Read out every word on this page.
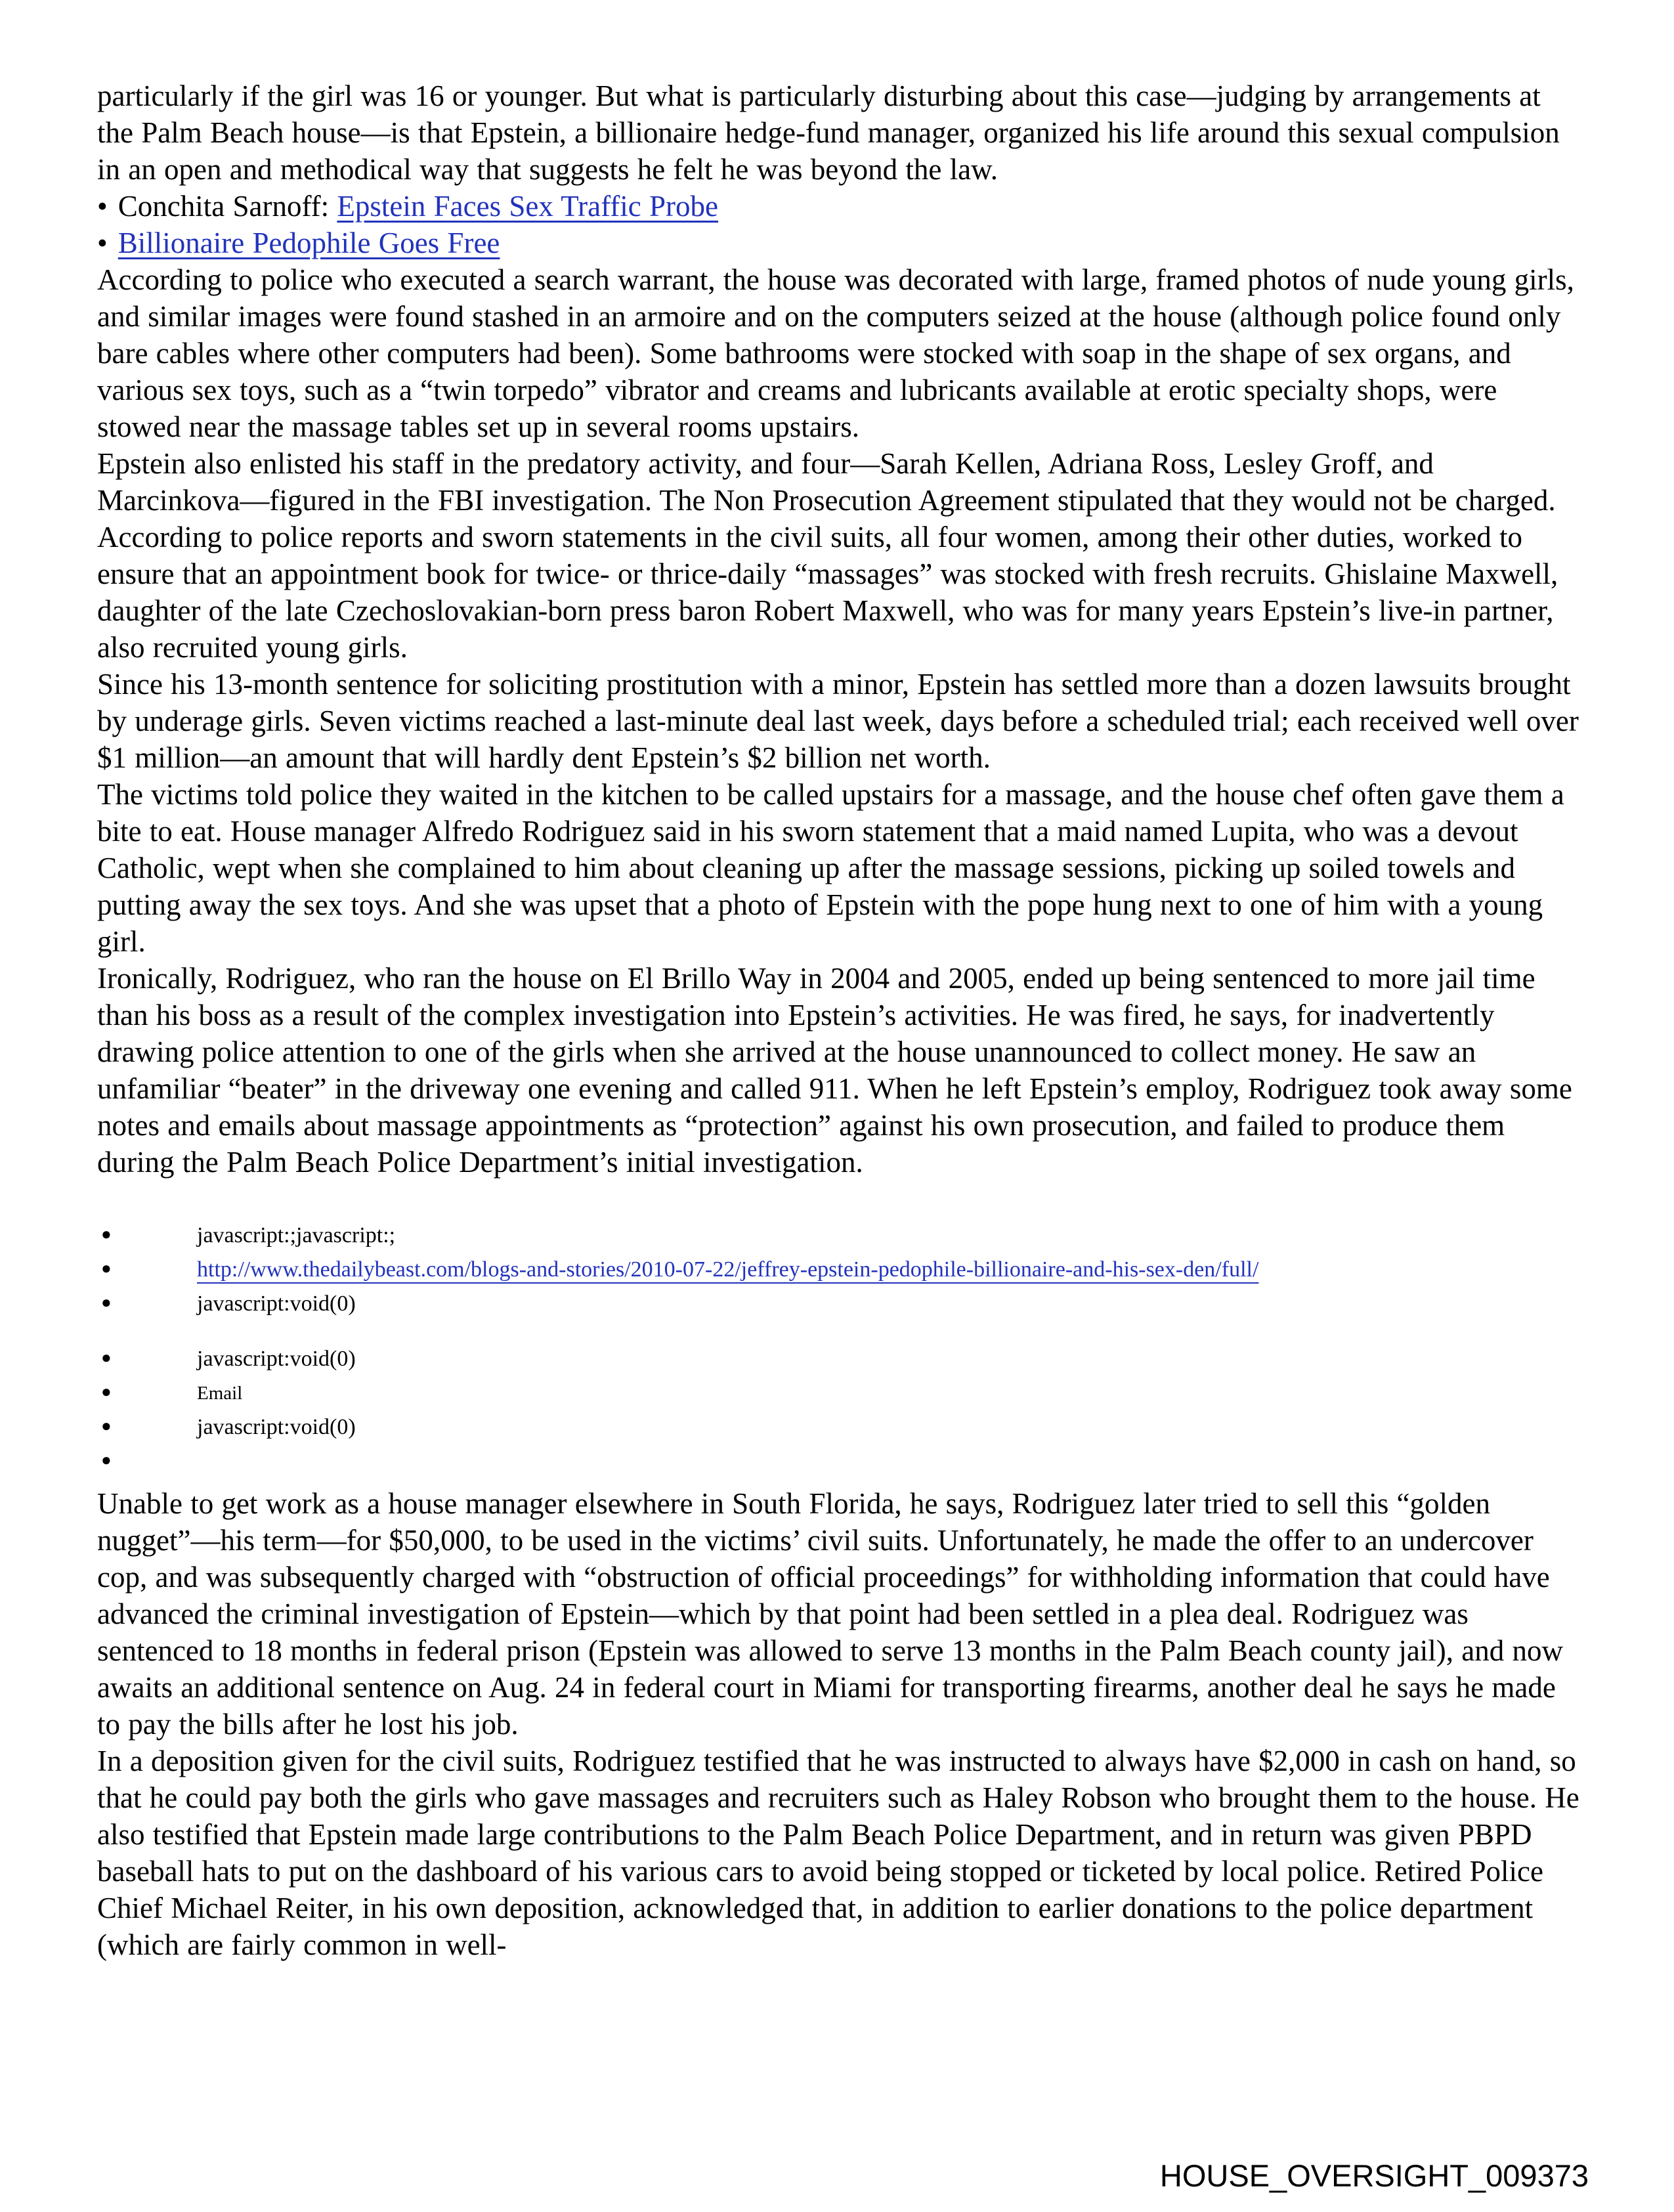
particularly if the girl was 16 or younger. But what is particularly disturbing about this case—judging by arrangements at the Palm Beach house—is that Epstein, a billionaire hedge-fund manager, organized his life around this sexual compulsion in an open and methodical way that suggests he felt he was beyond the law.

• Conchita Sarnoff: Epstein Faces Sex Traffic Probe

• Billionaire Pedophile Goes Free

According to police who executed a search warrant, the house was decorated with large, framed photos of nude young girls, and similar images were found stashed in an armoire and on the computers seized at the house (although police found only bare cables where other computers had been). Some bathrooms were stocked with soap in the shape of sex organs, and various sex toys, such as a “twin torpedo” vibrator and creams and lubricants available at erotic specialty shops, were stowed near the massage tables set up in several rooms upstairs.

Epstein also enlisted his staff in the predatory activity, and four—Sarah Kellen, Adriana Ross, Lesley Groff, and Marcinkova—figured in the FBI investigation. The Non Prosecution Agreement stipulated that they would not be charged. According to police reports and sworn statements in the civil suits, all four women, among their other duties, worked to ensure that an appointment book for twice- or thrice-daily “massages” was stocked with fresh recruits. Ghislaine Maxwell, daughter of the late Czechoslovakian-born press baron Robert Maxwell, who was for many years Epstein’s live-in partner, also recruited young girls.

Since his 13-month sentence for soliciting prostitution with a minor, Epstein has settled more than a dozen lawsuits brought by underage girls. Seven victims reached a last-minute deal last week, days before a scheduled trial; each received well over $1 million—an amount that will hardly dent Epstein’s $2 billion net worth.

The victims told police they waited in the kitchen to be called upstairs for a massage, and the house chef often gave them a bite to eat. House manager Alfredo Rodriguez said in his sworn statement that a maid named Lupita, who was a devout Catholic, wept when she complained to him about cleaning up after the massage sessions, picking up soiled towels and putting away the sex toys. And she was upset that a photo of Epstein with the pope hung next to one of him with a young girl.

Ironically, Rodriguez, who ran the house on El Brillo Way in 2004 and 2005, ended up being sentenced to more jail time than his boss as a result of the complex investigation into Epstein’s activities. He was fired, he says, for inadvertently drawing police attention to one of the girls when she arrived at the house unannounced to collect money. He saw an unfamiliar “beater” in the driveway one evening and called 911. When he left Epstein’s employ, Rodriguez took away some notes and emails about massage appointments as “protection” against his own prosecution, and failed to produce them during the Palm Beach Police Department’s initial investigation.

●	javascript:;javascript:;
●	http://www.thedailybeast.com/blogs-and-stories/2010-07-22/jeffrey-epstein-pedophile-billionaire-and-his-sex-den/full/
●	javascript:void(0)
●	javascript:void(0)
●	Email
●	javascript:void(0)
●

Unable to get work as a house manager elsewhere in South Florida, he says, Rodriguez later tried to sell this “golden nugget”—his term—for $50,000, to be used in the victims’ civil suits. Unfortunately, he made the offer to an undercover cop, and was subsequently charged with “obstruction of official proceedings” for withholding information that could have advanced the criminal investigation of Epstein—which by that point had been settled in a plea deal. Rodriguez was sentenced to 18 months in federal prison (Epstein was allowed to serve 13 months in the Palm Beach county jail), and now awaits an additional sentence on Aug. 24 in federal court in Miami for transporting firearms, another deal he says he made to pay the bills after he lost his job.

In a deposition given for the civil suits, Rodriguez testified that he was instructed to always have $2,000 in cash on hand, so that he could pay both the girls who gave massages and recruiters such as Haley Robson who brought them to the house. He also testified that Epstein made large contributions to the Palm Beach Police Department, and in return was given PBPD baseball hats to put on the dashboard of his various cars to avoid being stopped or ticketed by local police. Retired Police Chief Michael Reiter, in his own deposition, acknowledged that, in addition to earlier donations to the police department (which are fairly common in well-

HOUSE_OVERSIGHT_009373
